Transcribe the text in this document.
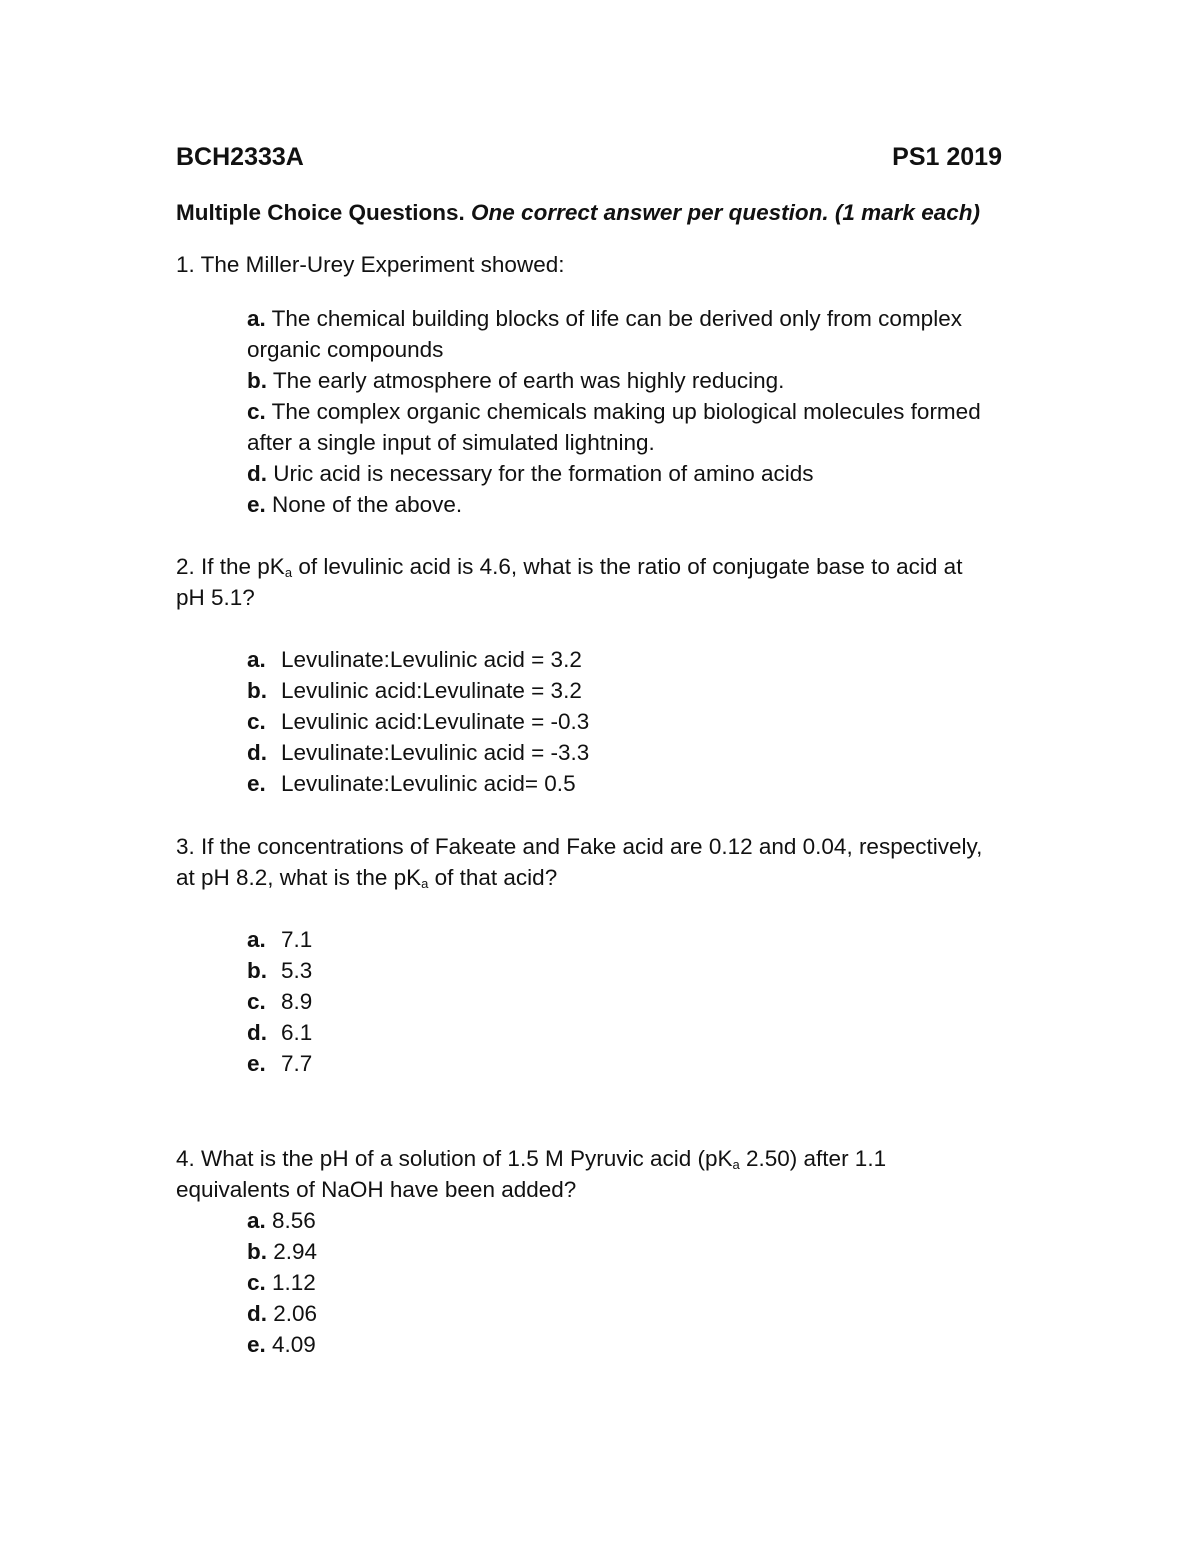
BCH2333A	PS1 2019
Multiple Choice Questions. One correct answer per question. (1 mark each)
1. The Miller-Urey Experiment showed:
a. The chemical building blocks of life can be derived only from complex
organic compounds
b. The early atmosphere of earth was highly reducing.
c. The complex organic chemicals making up biological molecules formed
after a single input of simulated lightning.
d. Uric acid is necessary for the formation of amino acids
e. None of the above.
2. If the $pK_a$ of levulinic acid is 4.6, what is the ratio of conjugate base to acid at
pH 5.1?
a. Levulinate:Levulinic acid = 3.2
b. Levulinic acid:Levulinate = 3.2
c. Levulinic acid:Levulinate = -0.3
d. Levulinate:Levulinic acid = -3.3
e. Levulinate:Levulinic acid= 0.5
3. If the concentrations of Fakeate and Fake acid are 0.12 and 0.04, respectively,
at pH 8.2, what is the $pK_a$ of that acid?
a. 7.1
b. 5.3
c. 8.9
d. 6.1
e. 7.7
4. What is the pH of a solution of 1.5 M Pyruvic acid ($pK_a$ 2.50) after 1.1
equivalents of NaOH have been added?
a. 8.56
b. 2.94
c. 1.12
d. 2.06
e. 4.09
